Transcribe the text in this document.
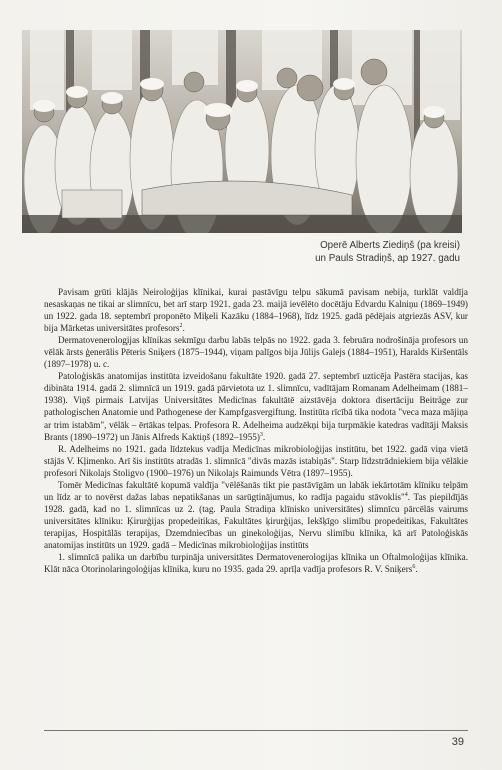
Operē Alberts Ziediņš (pa kreisi)
un Pauls Stradiņš, ap 1927. gadu

Pavisam grūti klājās Neiroloģijas klīnikai, kurai pastāvīgu telpu sākumā pavisam nebija, turklāt valdīja nesaskaņas ne tikai ar slimnīcu, bet arī starp 1921. gada 23. maijā ievēlēto docētāju Edvardu Kalniņu (1869–1949) un 1922. gada 18. septembrī proponēto Miķeli Kazāku (1884–1968), līdz 1925. gadā pēdējais atgriezās ASV, kur bija Mārketas universitātes profesors$^2$.

Dermatovenerolog̦ijas klīnikas sekmīgu darbu labās telpās no 1922. gada 3. februāra nodrošināja profesors un vēlāk ārsts ģenerālis Pēteris Sniķers (1875–1944), viņam palīgos bija Jūlijs Galejs (1884–1951), Haralds Kiršentāls (1897–1978) u. c.

Patoloģiskās anatomijas institūta izveidošanu fakultāte 1920. gadā 27. septembrī uzticēja Pastēra stacijas, kas dibināta 1914. gadā 2. slimnīcā un 1919. gadā pārvietota uz 1. slimnīcu, vadītājam Romanam Adelheimam (1881–1938). Viņš pirmais Latvijas Universitātes Medicīnas fakultātē aizstāvēja doktora disertāciju Beiträge zur pathologischen Anatomie und Pathogenese der Kampfgasvergiftung. Institūta rīcībā tika nodota "veca maza mājiņa ar trim istabām", vēlāk – ērtākas telpas. Profesora R. Adelheima audzēkņi bija turpmākie katedras vadītāji Maksis Brants (1890–1972) un Jānis Alfreds Kaktiņš (1892–1955)$^3$.

R. Adelheims no 1921. gada līdztekus vadīja Medicīnas mikrobioloģijas institūtu, bet 1922. gadā viņa vietā stājās V. Kļimenko. Arī šis institūts atradās 1. slimnīcā "divās mazās istabiņās". Starp līdzstrādniekiem bija vēlākie profesori Nikolajs Stoligvo (1900–1976) un Nikolajs Raimunds Vētra (1897–1955).

Tomēr Medicīnas fakultātē kopumā valdīja "vēlēšanās tikt pie pastāvīgām un labāk iekārtotām klīniku telpām un līdz ar to novērst dažas labas nepatikšanas un sarūgtinājumus, ko radīja pagaidu stāvoklis"$^4$. Tas piepildījās 1928. gadā, kad no 1. slimnīcas uz 2. (tag. Paula Stradiņa klīnisko universitātes) slimnīcu pārcēlās vairums universitātes klīniku: Ķirurģijas propedeitikas, Fakultātes ķirurģijas, Iekšķīgo slimību propedeitikas, Fakultātes terapijas, Hospitālās terapijas, Dzemdniecības un ginekoloģijas, Nervu slimību klīnika, kā arī Patoloģiskās anatomijas institūts un 1929. gadā – Medicīnas mikrobioloģijas institūts

1. slimnīcā palika un darbību turpināja universitātes Dermatovenerologijas klīnika un Oftalmoloģijas klīnika. Klāt nāca Otorinolaringoloģijas klīnika, kuru no 1935. gada 29. aprīļa vadīja profesors R. V. Sniķers$^6$.

39
